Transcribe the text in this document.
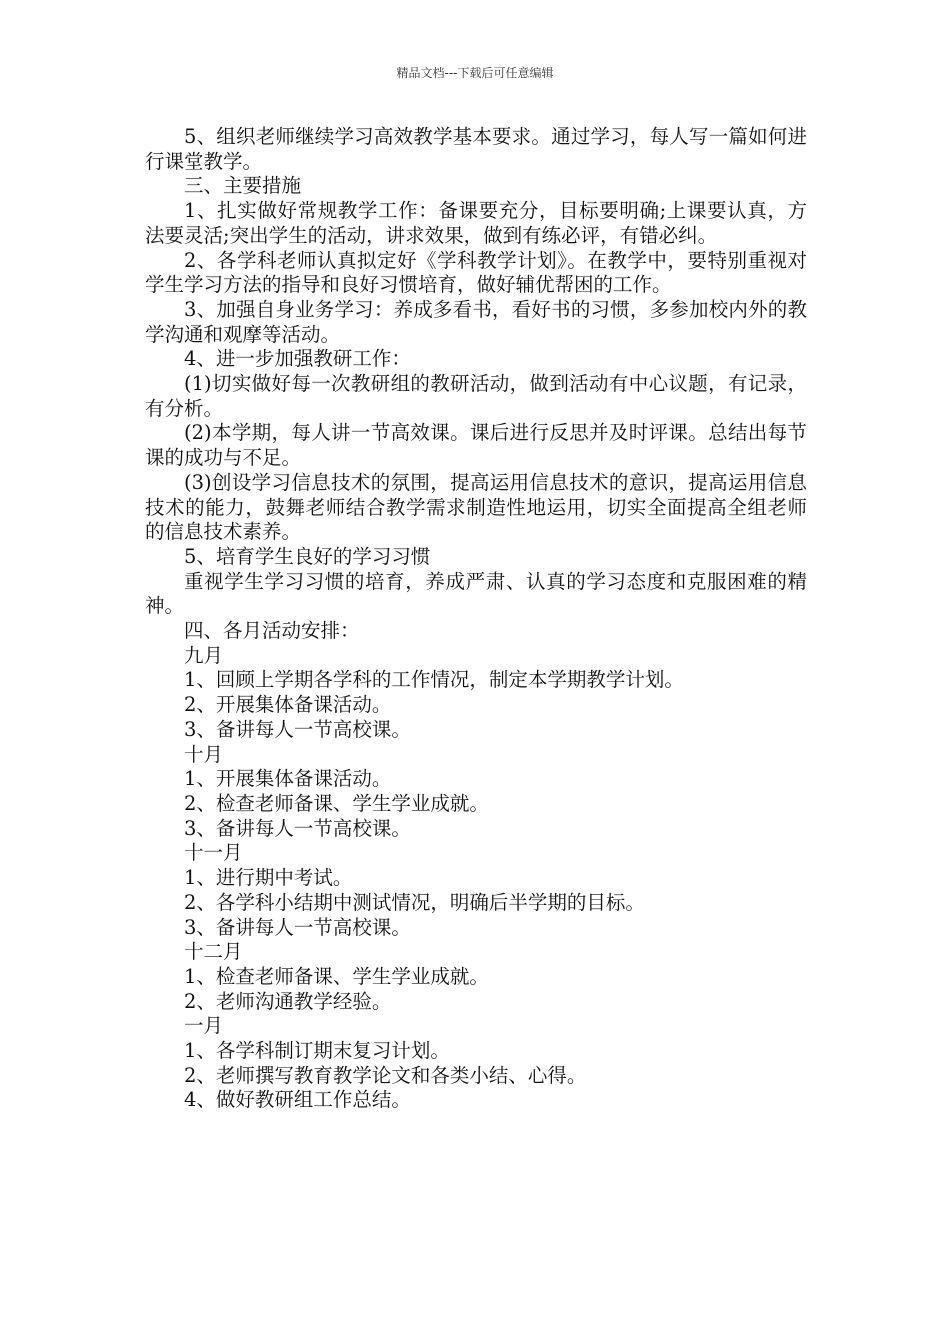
精品文档---下载后可任意编辑

5、组织老师继续学习高效教学基本要求。通过学习，每人写一篇如何进行课堂教学。

三、主要措施

1、扎实做好常规教学工作：备课要充分，目标要明确;上课要认真，方法要灵活;突出学生的活动，讲求效果，做到有练必评，有错必纠。

2、各学科老师认真拟定好《学科教学计划》。在教学中，要特别重视对学生学习方法的指导和良好习惯培育，做好辅优帮困的工作。

3、加强自身业务学习：养成多看书，看好书的习惯，多参加校内外的教学沟通和观摩等活动。

4、进一步加强教研工作：

(1)切实做好每一次教研组的教研活动，做到活动有中心议题，有记录，有分析。

(2)本学期，每人讲一节高效课。课后进行反思并及时评课。总结出每节课的成功与不足。

(3)创设学习信息技术的氛围，提高运用信息技术的意识，提高运用信息技术的能力，鼓舞老师结合教学需求制造性地运用，切实全面提高全组老师的信息技术素养。

5、培育学生良好的学习习惯

重视学生学习习惯的培育，养成严肃、认真的学习态度和克服困难的精神。

四、各月活动安排：

九月

1、回顾上学期各学科的工作情况，制定本学期教学计划。

2、开展集体备课活动。

3、备讲每人一节高校课。

十月

1、开展集体备课活动。

2、检查老师备课、学生学业成就。

3、备讲每人一节高校课。

十一月

1、进行期中考试。

2、各学科小结期中测试情况，明确后半学期的目标。

3、备讲每人一节高校课。

十二月

1、检查老师备课、学生学业成就。

2、老师沟通教学经验。

一月

1、各学科制订期末复习计划。

2、老师撰写教育教学论文和各类小结、心得。

4、做好教研组工作总结。
